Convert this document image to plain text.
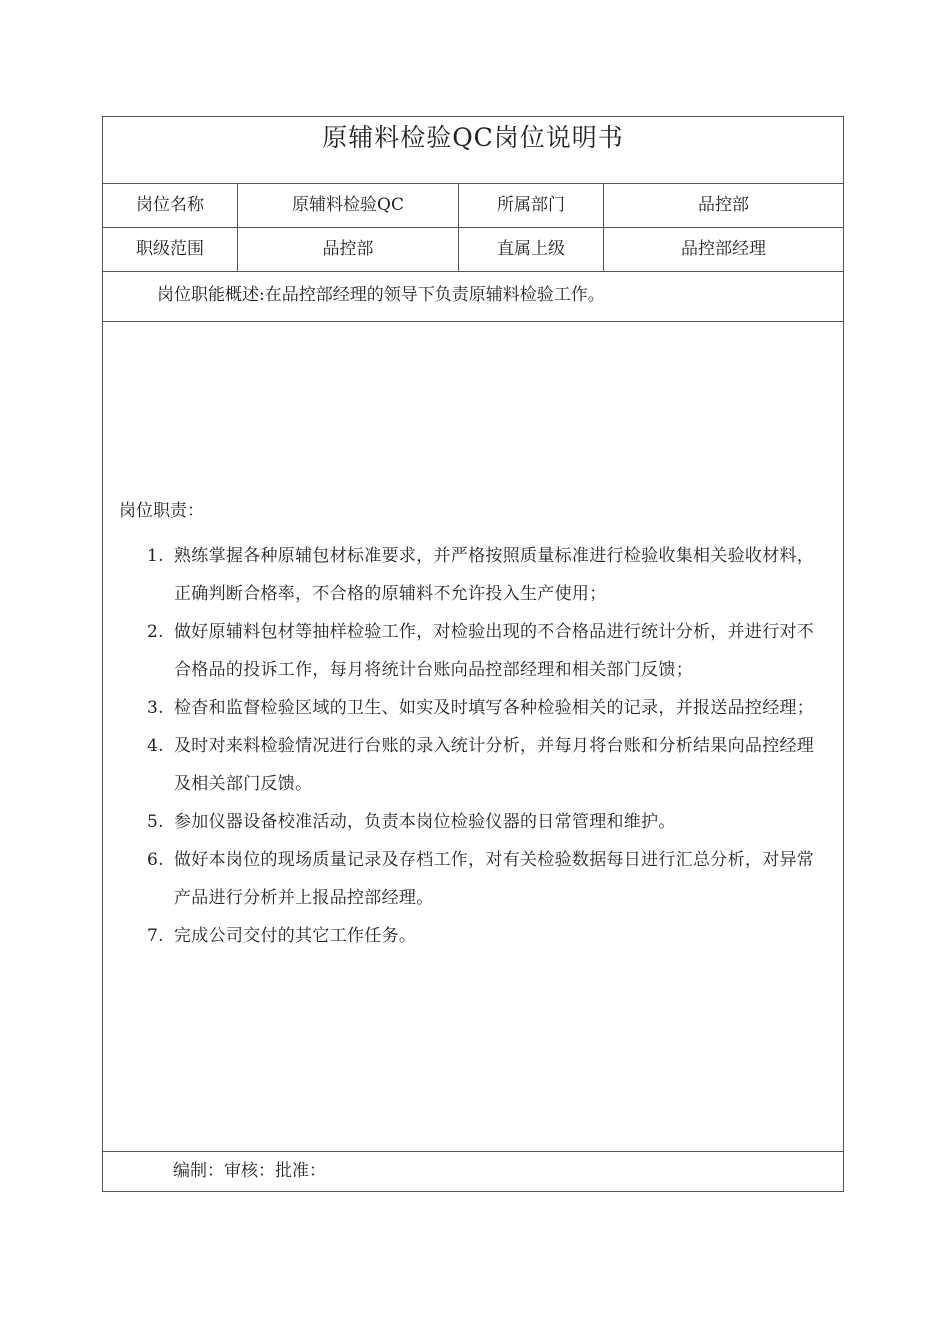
原辅料检验QC岗位说明书
岗位名称	原辅料检验QC	所属部门	品控部
职级范围	品控部	直属上级	品控部经理
岗位职能概述:在品控部经理的领导下负责原辅料检验工作。
岗位职责：
1. 熟练掌握各种原辅包材标准要求，并严格按照质量标准进行检验收集相关验收材料，正确判断合格率，不合格的原辅料不允许投入生产使用；
2. 做好原辅料包材等抽样检验工作，对检验出现的不合格品进行统计分析，并进行对不合格品的投诉工作，每月将统计台账向品控部经理和相关部门反馈；
3. 检杳和监督检验区域的卫生、如实及时填写各种检验相关的记录，并报送品控经理；
4. 及时对来料检验情况进行台账的录入统计分析，并每月将台账和分析结果向品控经理及相关部门反馈。
5. 参加仪器设备校准活动，负责本岗位检验仪器的日常管理和维护。
6. 做好本岗位的现场质量记录及存档工作，对有关检验数据每日进行汇总分析，对异常产品进行分析并上报品控部经理。
7. 完成公司交付的其它工作任务。
编制：审核：批准：
